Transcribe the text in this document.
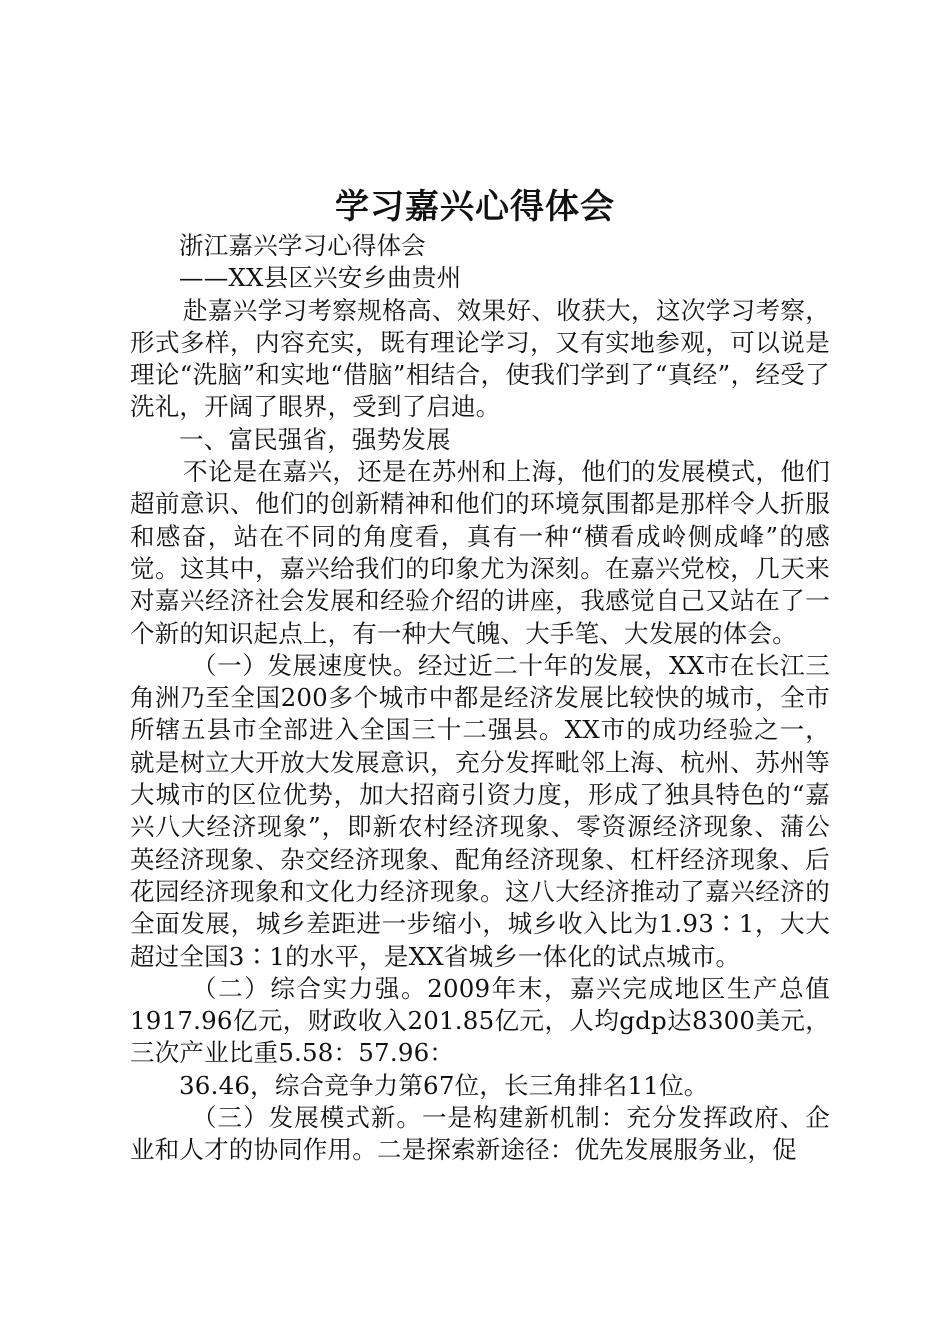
学习嘉兴心得体会

浙江嘉兴学习心得体会

——XX县区兴安乡曲贵州

赴嘉兴学习考察规格高、效果好、收获大，这次学习考察，形式多样，内容充实，既有理论学习，又有实地参观，可以说是理论“洗脑”和实地“借脑”相结合，使我们学到了“真经”，经受了洗礼，开阔了眼界，受到了启迪。

一、富民强省，强势发展

不论是在嘉兴，还是在苏州和上海，他们的发展模式，他们超前意识、他们的创新精神和他们的环境氛围都是那样令人折服和感奋，站在不同的角度看，真有一种“横看成岭侧成峰”的感觉。这其中，嘉兴给我们的印象尤为深刻。在嘉兴党校，几天来对嘉兴经济社会发展和经验介绍的讲座，我感觉自己又站在了一个新的知识起点上，有一种大气魄、大手笔、大发展的体会。

（一）发展速度快。经过近二十年的发展，XX市在长江三角洲乃至全国200多个城市中都是经济发展比较快的城市，全市所辖五县市全部进入全国三十二强县。XX市的成功经验之一，就是树立大开放大发展意识，充分发挥毗邻上海、杭州、苏州等大城市的区位优势，加大招商引资力度，形成了独具特色的“嘉兴八大经济现象”，即新农村经济现象、零资源经济现象、蒲公英经济现象、杂交经济现象、配角经济现象、杠杆经济现象、后花园经济现象和文化力经济现象。这八大经济推动了嘉兴经济的全面发展，城乡差距进一步缩小，城乡收入比为1.93∶1，大大超过全国3∶1的水平，是XX省城乡一体化的试点城市。

（二）综合实力强。2009年末，嘉兴完成地区生产总值1917.96亿元，财政收入201.85亿元，人均gdp达8300美元，三次产业比重5.58：57.96：

36.46，综合竞争力第67位，长三角排名11位。

（三）发展模式新。一是构建新机制：充分发挥政府、企业和人才的协同作用。二是探索新途径：优先发展服务业，促
